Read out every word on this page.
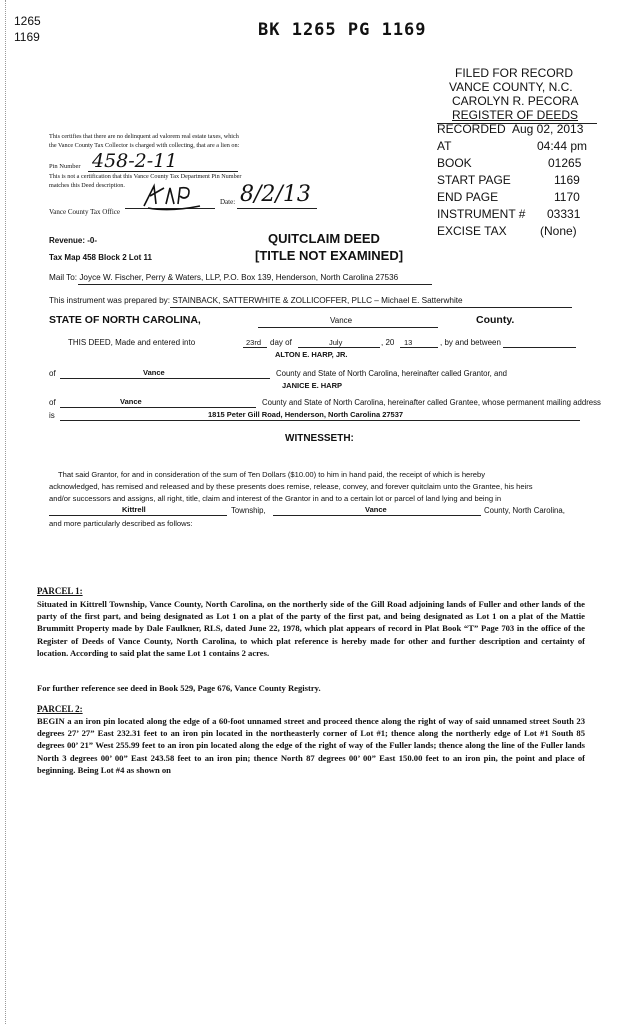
1265
1169	BK 1265 PG 1169
FILED FOR RECORD
VANCE COUNTY, N.C.
CAROLYN R. PECORA
REGISTER OF DEEDS
RECORDED Aug 02, 2013
AT	04:44 pm
BOOK	01265
START PAGE	1169
END PAGE	1170
INSTRUMENT # 03331
EXCISE TAX	(None)
This certifies that there are no delinquent ad valorem real estate taxes, which
the Vance County Tax Collector is charged with collecting, that are a lien on:
Pin Number 458-2-11
This is not a certification that this Vance County Tax Department Pin Number
matches this Deed description.
Date: 8/2/13
Vance County Tax Office
Revenue: -0-
Tax Map 458 Block 2 Lot 11
QUITCLAIM DEED
[TITLE NOT EXAMINED]
Mail To: Joyce W. Fischer, Perry & Waters, LLP, P.O. Box 139, Henderson, North Carolina 27536
This instrument was prepared by: STAINBACK, SATTERWHITE & ZOLLICOFFER, PLLC – Michael E. Satterwhite
STATE OF NORTH CAROLINA,	Vance	County.
THIS DEED, Made and entered into	23rd day of	July	, 20 13	, by and between
ALTON E. HARP, JR.
of	Vance	County and State of North Carolina, hereinafter called Grantor, and
JANICE E. HARP
of	Vance	County and State of North Carolina, hereinafter called Grantee, whose permanent mailing address
is	1815 Peter Gill Road, Henderson, North Carolina 27537
WITNESSETH:
That said Grantor, for and in consideration of the sum of Ten Dollars ($10.00) to him in hand paid, the receipt of which is hereby
acknowledged, has remised and released and by these presents does remise, release, convey, and forever quitclaim unto the Grantee, his heirs
and/or successors and assigns, all right, title, claim and interest of the Grantor in and to a certain lot or parcel of land lying and being in
Kittrell	Township,	Vance	County, North Carolina,
and more particularly described as follows:
PARCEL 1:
Situated in Kittrell Township, Vance County, North Carolina, on the northerly side of the Gill Road adjoining lands of Fuller and other lands of the party of the first part, and being designated as Lot 1 on a plat of the party of the first pat, and being designated as Lot 1 on a plat of the Mattie Brummitt Property made by Dale Faulkner, RLS, dated June 22, 1978, which plat appears of record in Plat Book “T” Page 703 in the office of the Register of Deeds of Vance County, North Carolina, to which plat reference is hereby made for other and further description and certainty of location. According to said plat the same Lot 1 contains 2 acres.
For further reference see deed in Book 529, Page 676, Vance County Registry.
PARCEL 2:
BEGIN a an iron pin located along the edge of a 60-foot unnamed street and proceed thence along the right of way of said unnamed street South 23 degrees 27’ 27” East 232.31 feet to an iron pin located in the northeasterly corner of Lot #1; thence along the northerly edge of Lot #1 South 85 degrees 00’ 21” West 255.99 feet to an iron pin located along the edge of the right of way of the Fuller lands; thence along the line of the Fuller lands North 3 degrees 00’ 00” East 243.58 feet to an iron pin; thence North 87 degrees 00’ 00” East 150.00 feet to an iron pin, the point and place of beginning. Being Lot #4 as shown on
